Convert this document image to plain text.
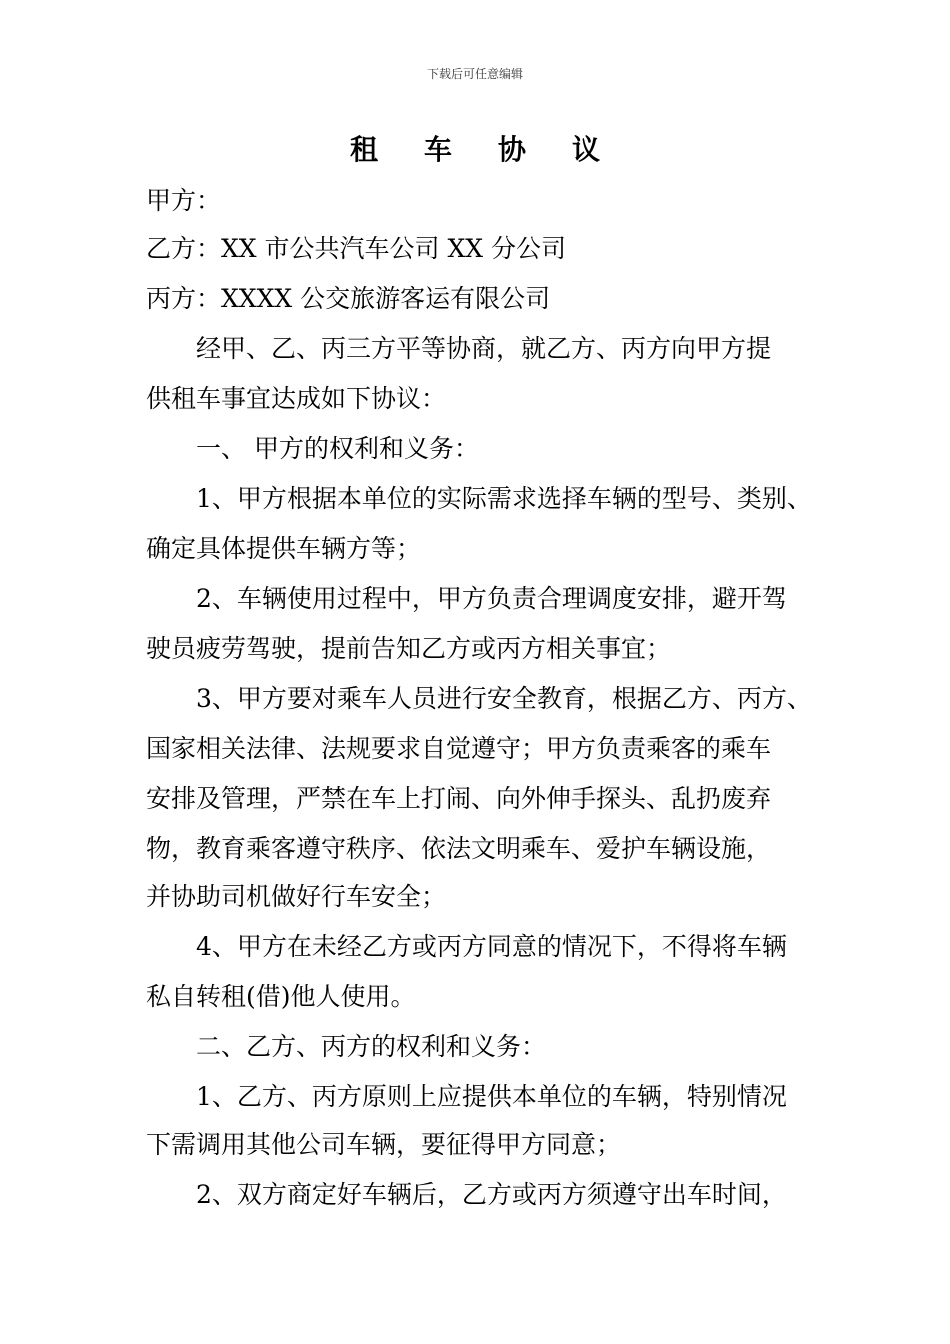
下载后可任意编辑
租 车 协 议
甲方：
乙方：XX 市公共汽车公司 XX 分公司
丙方：XXXX 公交旅游客运有限公司
经甲、乙、丙三方平等协商，就乙方、丙方向甲方提
供租车事宜达成如下协议：
一、 甲方的权利和义务：
1、甲方根据本单位的实际需求选择车辆的型号、类别、
确定具体提供车辆方等；
2、车辆使用过程中，甲方负责合理调度安排，避开驾
驶员疲劳驾驶，提前告知乙方或丙方相关事宜；
3、甲方要对乘车人员进行安全教育，根据乙方、丙方、
国家相关法律、法规要求自觉遵守；甲方负责乘客的乘车
安排及管理，严禁在车上打闹、向外伸手探头、乱扔废弃
物，教育乘客遵守秩序、依法文明乘车、爱护车辆设施，
并协助司机做好行车安全；
4、甲方在未经乙方或丙方同意的情况下，不得将车辆
私自转租(借)他人使用。
二、乙方、丙方的权利和义务：
1、乙方、丙方原则上应提供本单位的车辆，特别情况
下需调用其他公司车辆，要征得甲方同意；
2、双方商定好车辆后，乙方或丙方须遵守出车时间，
